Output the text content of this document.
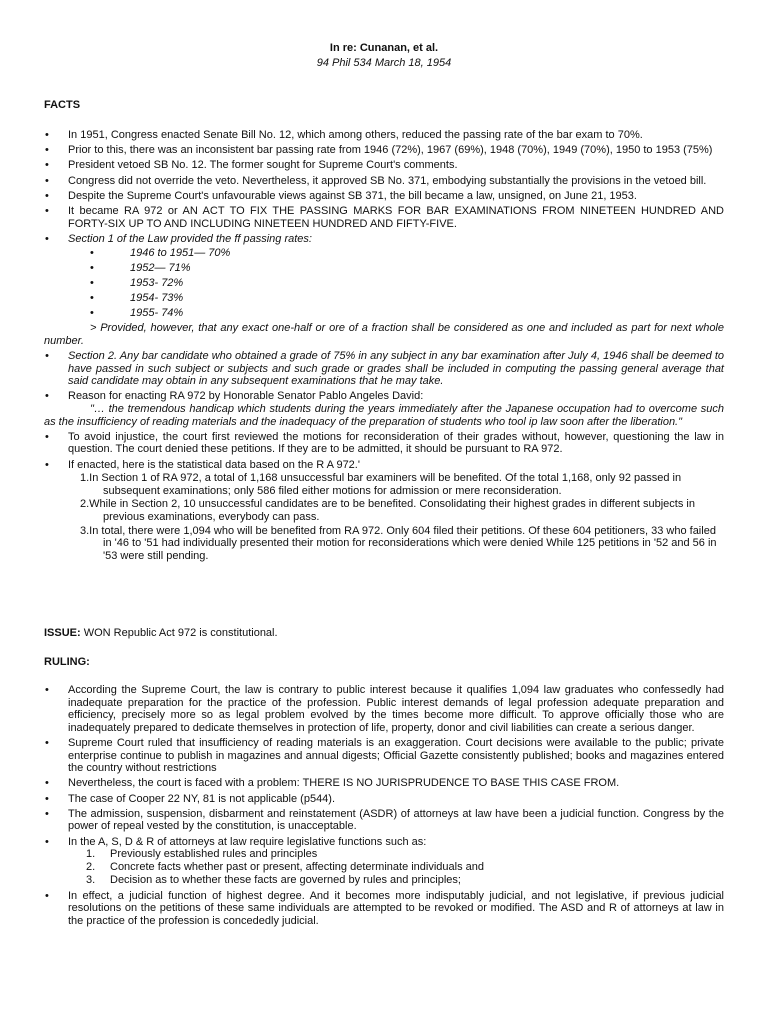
In re: Cunanan, et al.
94 Phil 534 March 18, 1954
FACTS
• In 1951, Congress enacted Senate Bill No. 12, which among others, reduced the passing rate of the bar exam to 70%.
• Prior to this, there was an inconsistent bar passing rate from 1946 (72%), 1967 (69%), 1948 (70%), 1949 (70%), 1950 to 1953 (75%)
• President vetoed SB No. 12. The former sought for Supreme Court's comments.
• Congress did not override the veto. Nevertheless, it approved SB No. 371, embodying substantially the provisions in the vetoed bill.
• Despite the Supreme Court's unfavourable views against SB 371, the bill became a law, unsigned, on June 21, 1953.
• It became RA 972 or AN ACT TO FIX THE PASSING MARKS FOR BAR EXAMINATIONS FROM NINETEEN HUNDRED AND FORTY-SIX UP TO AND INCLUDING NINETEEN HUNDRED AND FIFTY-FIVE.
• Section 1 of the Law provided the ff passing rates:
• 1946 to 1951— 70%
• 1952— 71%
• 1953- 72%
• 1954- 73%
• 1955- 74%
> Provided, however, that any exact one-half or ore of a fraction shall be considered as one and included as part for next whole number.
• Section 2. Any bar candidate who obtained a grade of 75% in any subject in any bar examination after July 4, 1946 shall be deemed to have passed in such subject or subjects and such grade or grades shall be included in computing the passing general average that said candidate may obtain in any subsequent examinations that he may take.
• Reason for enacting RA 972 by Honorable Senator Pablo Angeles David:
"… the tremendous handicap which students during the years immediately after the Japanese occupation had to overcome such as the insufficiency of reading materials and the inadequacy of the preparation of students who tool ip law soon after the liberation."
• To avoid injustice, the court first reviewed the motions for reconsideration of their grades without, however, questioning the law in question. The court denied these petitions. If they are to be admitted, it should be pursuant to RA 972.
• If enacted, here is the statistical data based on the R A 972.'
1.In Section 1 of RA 972, a total of 1,168 unsuccessful bar examiners will be benefited. Of the total 1,168, only 92 passed in subsequent examinations; only 586 filed either motions for admission or mere reconsideration.
2.While in Section 2, 10 unsuccessful candidates are to be benefited. Consolidating their highest grades in different subjects in previous examinations, everybody can pass.
3.In total, there were 1,094 who will be benefited from RA 972. Only 604 filed their petitions. Of these 604 petitioners, 33 who failed in '46 to '51 had individually presented their motion for reconsiderations which were denied While 125 petitions in '52 and 56 in '53 were still pending.
ISSUE: WON Republic Act 972 is constitutional.
RULING:
• According the Supreme Court, the law is contrary to public interest because it qualifies 1,094 law graduates who confessedly had inadequate preparation for the practice of the profession. Public interest demands of legal profession adequate preparation and efficiency, precisely more so as legal problem evolved by the times become more difficult. To approve officially those who are inadequately prepared to dedicate themselves in protection of life, property, donor and civil liabilities can create a serious danger.
• Supreme Court ruled that insufficiency of reading materials is an exaggeration. Court decisions were available to the public; private enterprise continue to publish in magazines and annual digests; Official Gazette consistently published; books and magazines entered the country without restrictions
• Nevertheless, the court is faced with a problem: THERE IS NO JURISPRUDENCE TO BASE THIS CASE FROM.
• The case of Cooper 22 NY, 81 is not applicable (p544).
• The admission, suspension, disbarment and reinstatement (ASDR) of attorneys at law have been a judicial function. Congress by the power of repeal vested by the constitution, is unacceptable.
• In the A, S, D & R of attorneys at law require legislative functions such as:
1. Previously established rules and principles
2. Concrete facts whether past or present, affecting determinate individuals and
3. Decision as to whether these facts are governed by rules and principles;
• In effect, a judicial function of highest degree. And it becomes more indisputably judicial, and not legislative, if previous judicial resolutions on the petitions of these same individuals are attempted to be revoked or modified. The ASD and R of attorneys at law in the practice of the profession is concededly judicial.
